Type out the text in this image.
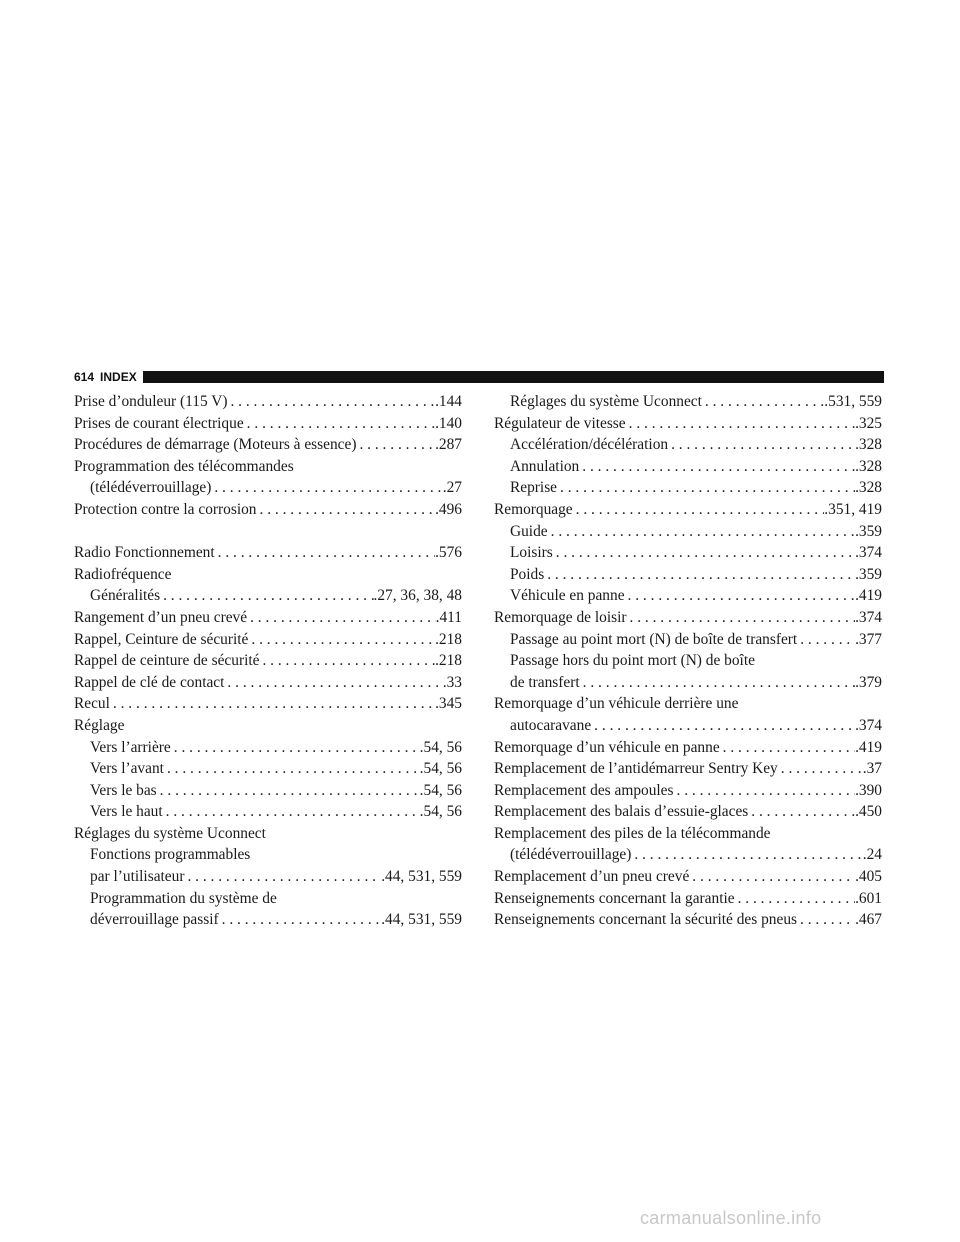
614 INDEX
Prise d’onduleur (115 V) . . .	.144
Prises de courant électrique . . .	.140
Procédures de démarrage (Moteurs à essence) . . .	.287
Programmation des télécommandes
(télédéverrouillage) . . .	.27
Protection contre la corrosion . . .	.496
Radio Fonctionnement . . .	.576
Radiofréquence
Généralités . . .	.27, 36, 38, 48
Rangement d’un pneu crevé . . .	.411
Rappel, Ceinture de sécurité . . .	.218
Rappel de ceinture de sécurité . . .	.218
Rappel de clé de contact . . .	.33
Recul . . .	.345
Réglage
Vers l’arrière . . .	.54, 56
Vers l’avant . . .	.54, 56
Vers le bas . . .	.54, 56
Vers le haut . . .	.54, 56
Réglages du système Uconnect
Fonctions programmables
par l’utilisateur . . .	.44, 531, 559
Programmation du système de
déverrouillage passif . . .	.44, 531, 559
Réglages du système Uconnect . . .	.531, 559
Régulateur de vitesse . . .	.325
Accélération/décélération . . .	.328
Annulation . . .	.328
Reprise . . .	.328
Remorquage . . .	.351, 419
Guide . . .	.359
Loisirs . . .	.374
Poids . . .	.359
Véhicule en panne . . .	.419
Remorquage de loisir . . .	.374
Passage au point mort (N) de boîte de transfert . . .	.377
Passage hors du point mort (N) de boîte
de transfert . . .	.379
Remorquage d’un véhicule derrière une
autocaravane . . .	.374
Remorquage d’un véhicule en panne . . .	.419
Remplacement de l’antidémarreur Sentry Key . . .	.37
Remplacement des ampoules . . .	.390
Remplacement des balais d’essuie-glaces . . .	.450
Remplacement des piles de la télécommande
(télédéverrouillage) . . .	.24
Remplacement d’un pneu crevé . . .	.405
Renseignements concernant la garantie . . .	.601
Renseignements concernant la sécurité des pneus . . .	.467
carmanualsonline.info
